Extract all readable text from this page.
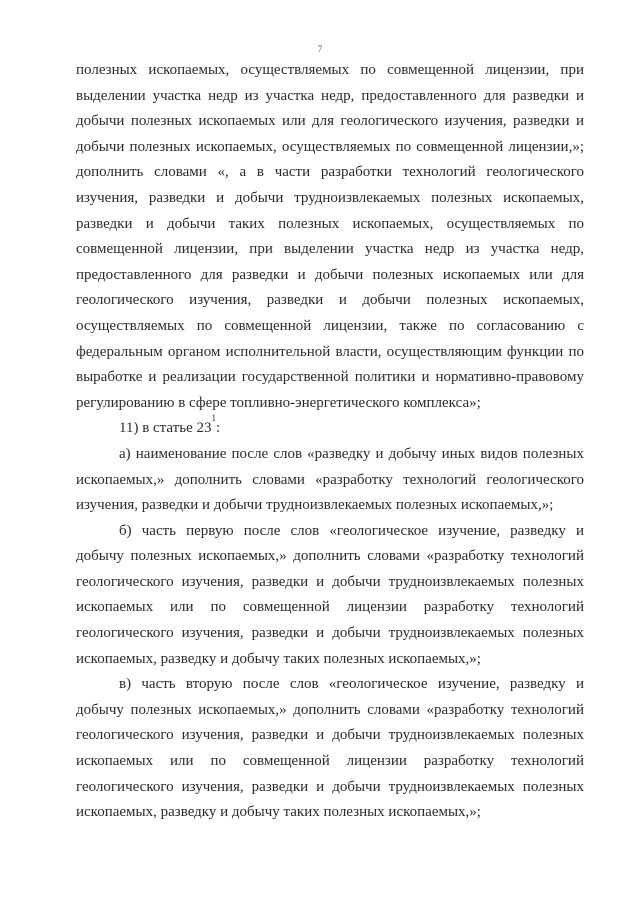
7
полезных ископаемых, осуществляемых по совмещенной лицензии, при
выделении участка недр из участка недр, предоставленного для разведки и
добычи полезных ископаемых или для геологического изучения, разведки и
добычи полезных ископаемых, осуществляемых по совмещенной лицензии,»;
дополнить словами «, а в части разработки технологий геологического
изучения, разведки и добычи трудноизвлекаемых полезных ископаемых,
разведки и добычи таких полезных ископаемых, осуществляемых по
совмещенной лицензии, при выделении участка недр из участка недр,
предоставленного для разведки и добычи полезных ископаемых или для
геологического изучения, разведки и добычи полезных ископаемых,
осуществляемых по совмещенной лицензии, также по согласованию с
федеральным органом исполнительной власти, осуществляющим функции по
выработке и реализации государственной политики и нормативно-правовому
регулированию в сфере топливно-энергетического комплекса»;
11) в статье $23^1$:
а) наименование после слов «разведку и добычу иных видов полезных
ископаемых,» дополнить словами «разработку технологий геологического
изучения, разведки и добычи трудноизвлекаемых полезных ископаемых,»;
б) часть первую после слов «геологическое изучение, разведку и
добычу полезных ископаемых,» дополнить словами «разработку технологий
геологического изучения, разведки и добычи трудноизвлекаемых полезных
ископаемых или по совмещенной лицензии разработку технологий
геологического изучения, разведки и добычи трудноизвлекаемых полезных
ископаемых, разведку и добычу таких полезных ископаемых,»;
в) часть вторую после слов «геологическое изучение, разведку и
добычу полезных ископаемых,» дополнить словами «разработку технологий
геологического изучения, разведки и добычи трудноизвлекаемых полезных
ископаемых или по совмещенной лицензии разработку технологий
геологического изучения, разведки и добычи трудноизвлекаемых полезных
ископаемых, разведку и добычу таких полезных ископаемых,»;
